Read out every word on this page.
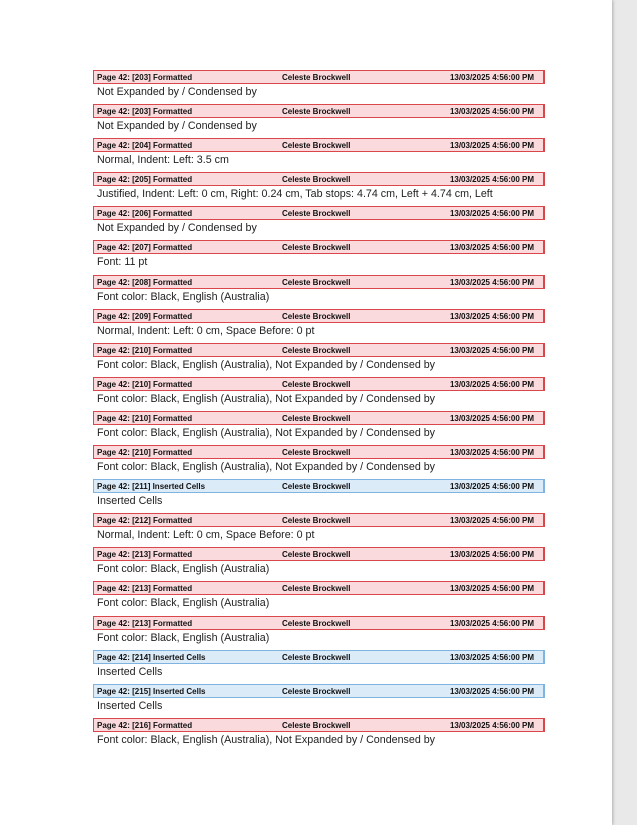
Page 42: [203] Formatted	Celeste Brockwell	13/03/2025 4:56:00 PM
Not Expanded by / Condensed by
Page 42: [203] Formatted	Celeste Brockwell	13/03/2025 4:56:00 PM
Not Expanded by / Condensed by
Page 42: [204] Formatted	Celeste Brockwell	13/03/2025 4:56:00 PM
Normal, Indent: Left: 3.5 cm
Page 42: [205] Formatted	Celeste Brockwell	13/03/2025 4:56:00 PM
Justified, Indent: Left: 0 cm, Right: 0.24 cm, Tab stops: 4.74 cm, Left + 4.74 cm, Left
Page 42: [206] Formatted	Celeste Brockwell	13/03/2025 4:56:00 PM
Not Expanded by / Condensed by
Page 42: [207] Formatted	Celeste Brockwell	13/03/2025 4:56:00 PM
Font: 11 pt
Page 42: [208] Formatted	Celeste Brockwell	13/03/2025 4:56:00 PM
Font color: Black, English (Australia)
Page 42: [209] Formatted	Celeste Brockwell	13/03/2025 4:56:00 PM
Normal, Indent: Left: 0 cm, Space Before: 0 pt
Page 42: [210] Formatted	Celeste Brockwell	13/03/2025 4:56:00 PM
Font color: Black, English (Australia), Not Expanded by / Condensed by
Page 42: [210] Formatted	Celeste Brockwell	13/03/2025 4:56:00 PM
Font color: Black, English (Australia), Not Expanded by / Condensed by
Page 42: [210] Formatted	Celeste Brockwell	13/03/2025 4:56:00 PM
Font color: Black, English (Australia), Not Expanded by / Condensed by
Page 42: [210] Formatted	Celeste Brockwell	13/03/2025 4:56:00 PM
Font color: Black, English (Australia), Not Expanded by / Condensed by
Page 42: [211] Inserted Cells	Celeste Brockwell	13/03/2025 4:56:00 PM
Inserted Cells
Page 42: [212] Formatted	Celeste Brockwell	13/03/2025 4:56:00 PM
Normal, Indent: Left: 0 cm, Space Before: 0 pt
Page 42: [213] Formatted	Celeste Brockwell	13/03/2025 4:56:00 PM
Font color: Black, English (Australia)
Page 42: [213] Formatted	Celeste Brockwell	13/03/2025 4:56:00 PM
Font color: Black, English (Australia)
Page 42: [213] Formatted	Celeste Brockwell	13/03/2025 4:56:00 PM
Font color: Black, English (Australia)
Page 42: [214] Inserted Cells	Celeste Brockwell	13/03/2025 4:56:00 PM
Inserted Cells
Page 42: [215] Inserted Cells	Celeste Brockwell	13/03/2025 4:56:00 PM
Inserted Cells
Page 42: [216] Formatted	Celeste Brockwell	13/03/2025 4:56:00 PM
Font color: Black, English (Australia), Not Expanded by / Condensed by
